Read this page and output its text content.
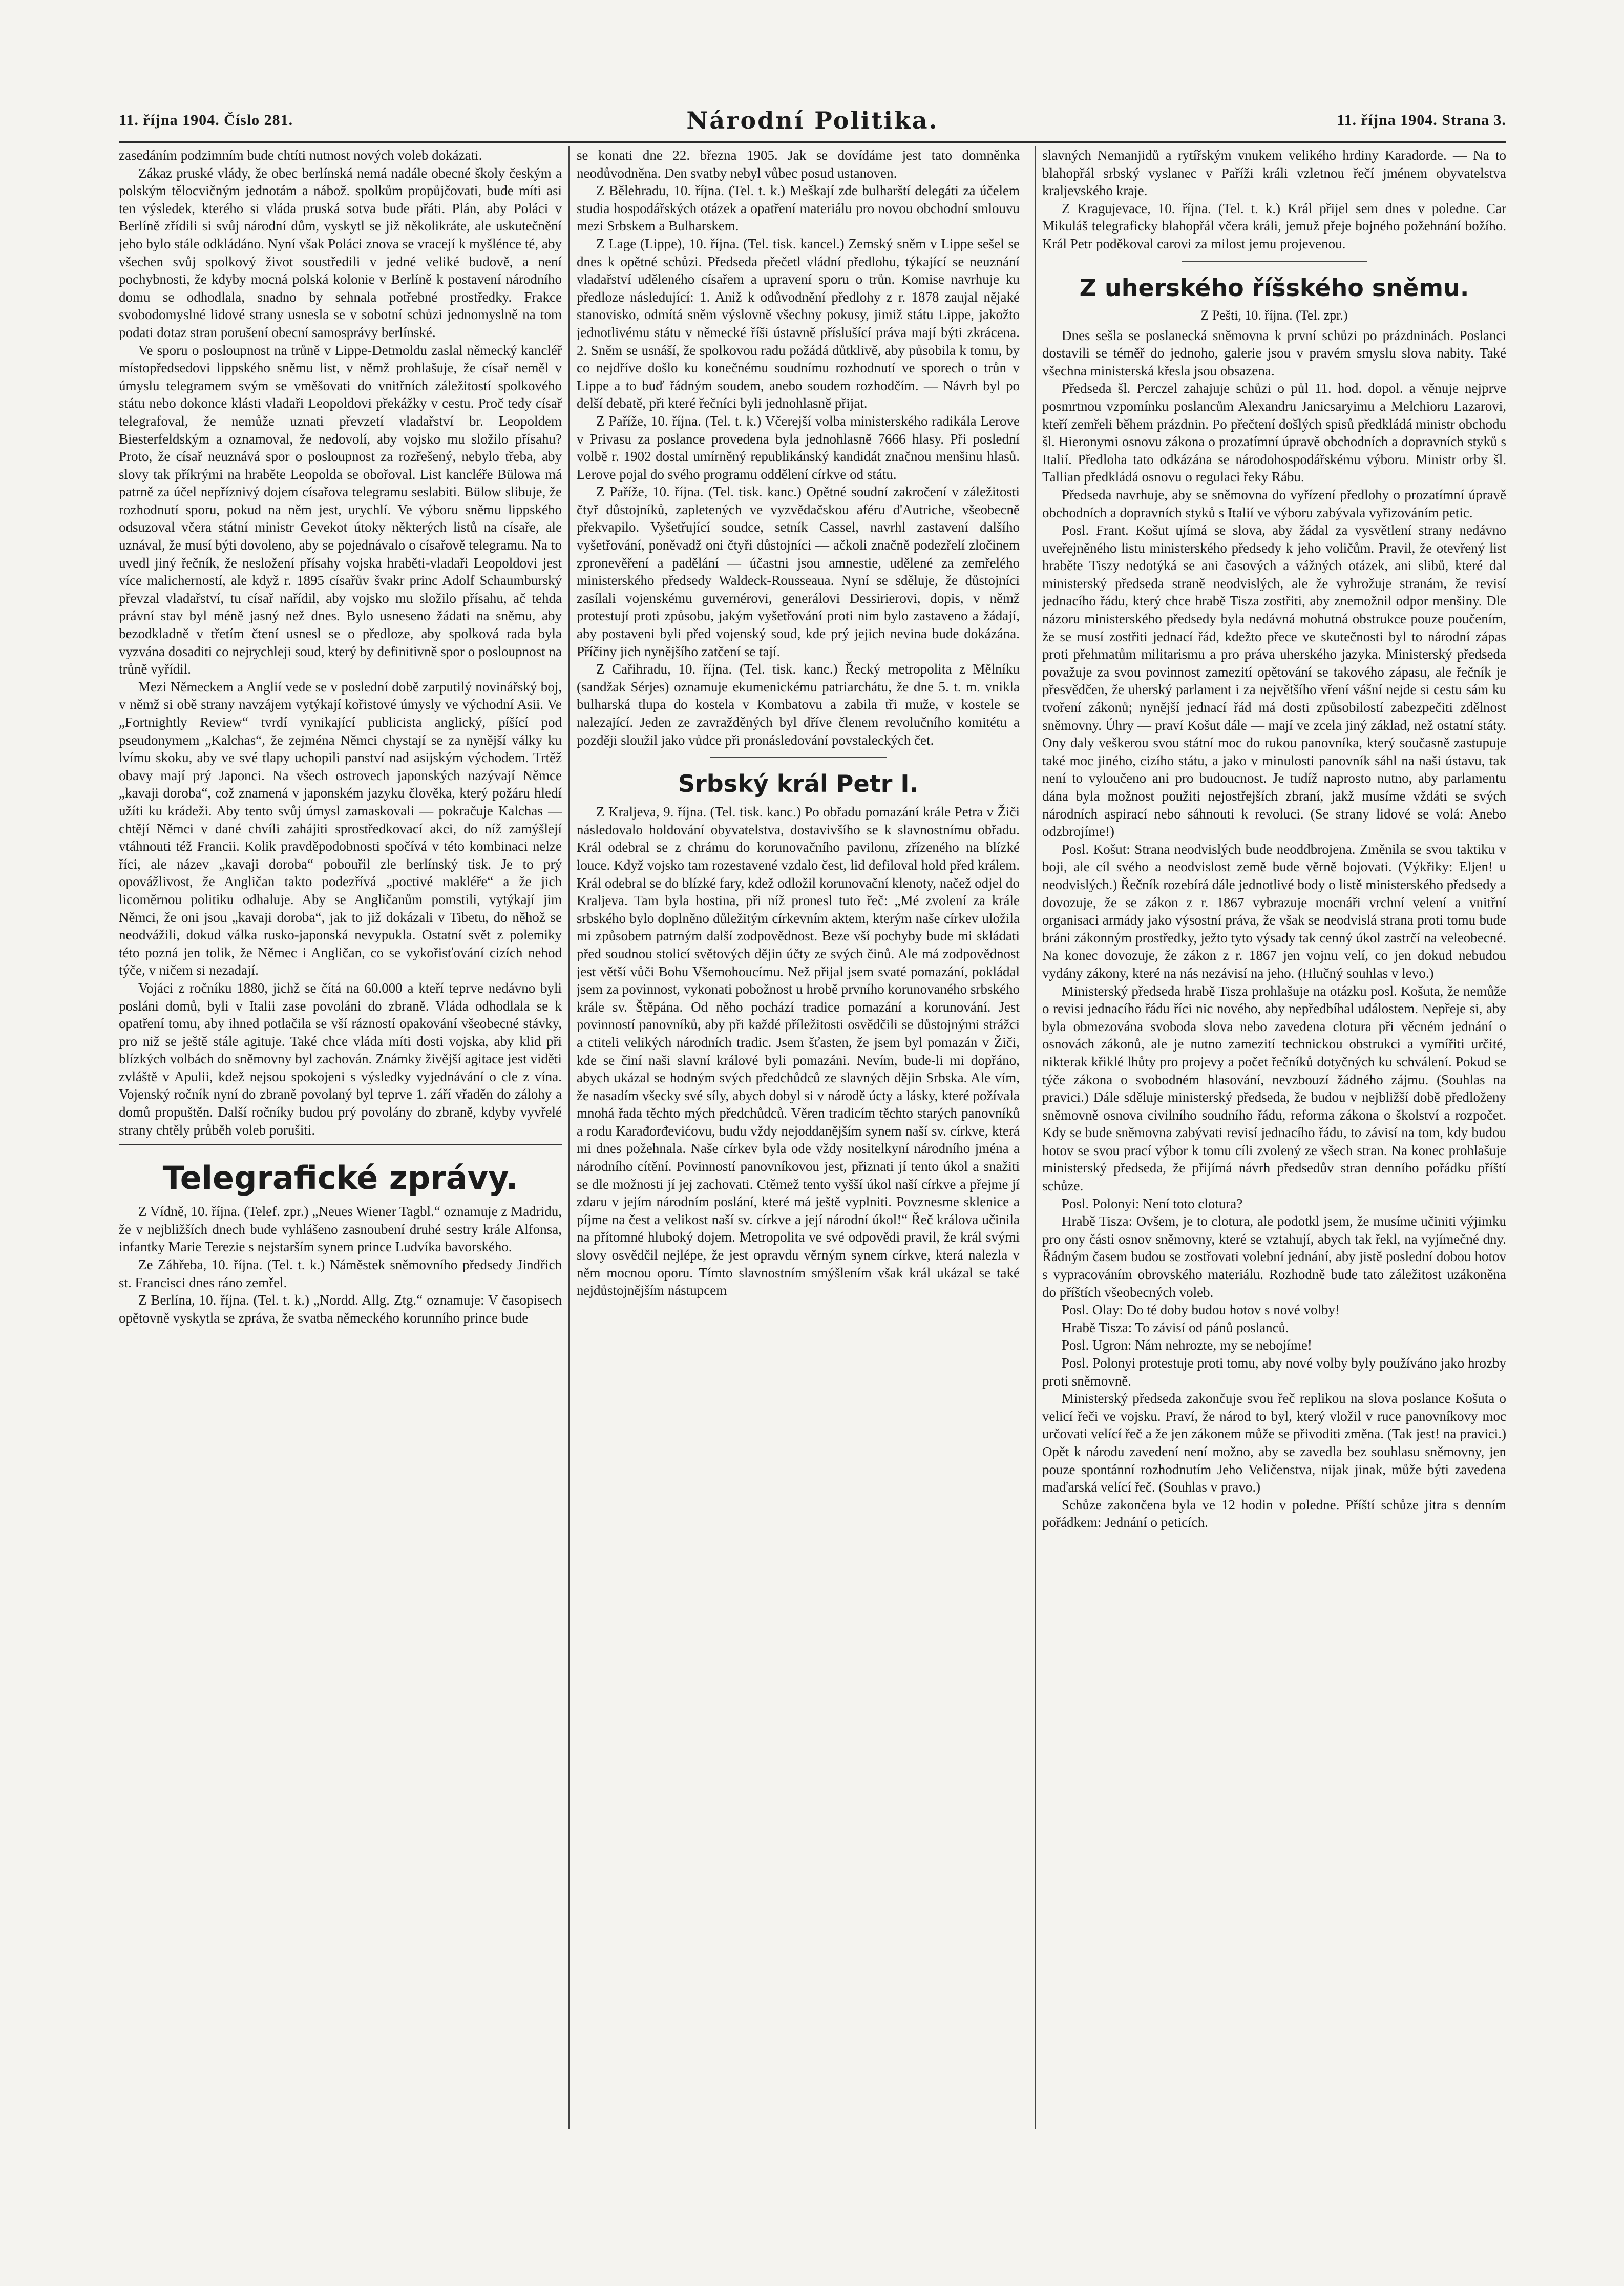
11. října 1904. Číslo 281.	Národní Politika.	11. října 1904. Strana 3.

zasedáním podzimním bude chtíti nutnost nových voleb dokázati.

Zákaz pruské vlády, že obec berlínská nemá nadále obecné školy českým a polským tělocvičným jednotám a nábož. spolkům propůjčovati, bude míti asi ten výsledek, kterého si vláda pruská sotva bude přáti. Plán, aby Poláci v Berlíně zřídili si svůj národní dům, vyskytl se již několikráte, ale uskutečnění jeho bylo stále odkládáno. Nyní však Poláci znova se vracejí k myšlénce té, aby všechen svůj spolkový život soustředili v jedné veliké budově, a není pochybnosti, že kdyby mocná polská kolonie v Berlíně k postavení národního domu se odhodlala, snadno by sehnala potřebné prostředky. Frakce svobodomyslné lidové strany usnesla se v sobotní schůzi jednomyslně na tom podati dotaz stran porušení obecní samosprávy berlínské.

Ve sporu o posloupnost na trůně v Lippe-Detmoldu zaslal německý kancléř místopředsedovi lippského sněmu list, v němž prohlašuje, že císař neměl v úmyslu telegramem svým se vměšovati do vnitřních záležitostí spolkového státu nebo dokonce klásti vladaři Leopoldovi překážky v cestu. Proč tedy císař telegrafoval, že nemůže uznati převzetí vladařství br. Leopoldem Biesterfeldským a oznamoval, že nedovolí, aby vojsko mu složilo přísahu? Proto, že císař neuznává spor o posloupnost za rozřešený, nebylo třeba, aby slovy tak příkrými na hraběte Leopolda se obořoval. List kancléře Bülowa má patrně za účel nepříznivý dojem císařova telegramu seslabiti. Bülow slibuje, že rozhodnutí sporu, pokud na něm jest, urychlí. Ve výboru sněmu lippského odsuzoval včera státní ministr Gevekot útoky některých listů na císaře, ale uznával, že musí býti dovoleno, aby se pojednávalo o císařově telegramu. Na to uvedl jiný řečník, že nesložení přísahy vojska hraběti-vladaři Leopoldovi jest více malicherností, ale když r. 1895 císařův švakr princ Adolf Schaumburský převzal vladařství, tu císař nařídil, aby vojsko mu složilo přísahu, ač tehda právní stav byl méně jasný než dnes. Bylo usneseno žádati na sněmu, aby bezodkladně v třetím čtení usnesl se o předloze, aby spolková rada byla vyzvána dosaditi co nejrychleji soud, který by definitivně spor o posloupnost na trůně vyřídil.

Mezi Německem a Anglií vede se v poslední době zarputilý novinářský boj, v němž si obě strany navzájem vytýkají kořistové úmysly ve východní Asii. Ve „Fortnightly Review“ tvrdí vynikající publicista anglický, píšící pod pseudonymem „Kalchas“, že zejména Němci chystají se za nynější války ku lvímu skoku, aby ve své tlapy uchopili panství nad asijským východem. Trtěž obavy mají prý Japonci. Na všech ostrovech japonských nazývají Němce „kavaji doroba“, což znamená v japonském jazyku člověka, který požáru hledí užíti ku krádeži. Aby tento svůj úmysl zamaskovali — pokračuje Kalchas — chtějí Němci v dané chvíli zahájiti sprostředkovací akci, do níž zamýšlejí vtáhnouti též Francii. Kolik pravděpodobnosti spočívá v této kombinaci nelze říci, ale název „kavaji doroba“ pobouřil zle berlínský tisk. Je to prý opovážlivost, že Angličan takto podezřívá „poctivé makléře“ a že jich licoměrnou politiku odhaluje. Aby se Angličanům pomstili, vytýkají jim Němci, že oni jsou „kavaji doroba“, jak to již dokázali v Tibetu, do něhož se neodvážili, dokud válka rusko-japonská nevypukla. Ostatní svět z polemiky této pozná jen tolik, že Němec i Angličan, co se vykořisťování cizích nehod týče, v ničem si nezadají.

Vojáci z ročníku 1880, jichž se čítá na 60.000 a kteří teprve nedávno byli posláni domů, byli v Italii zase povoláni do zbraně. Vláda odhodlala se k opatření tomu, aby ihned potlačila se vší rázností opakování všeobecné stávky, pro niž se ještě stále agituje. Také chce vláda míti dosti vojska, aby klid při blízkých volbách do sněmovny byl zachován. Známky živější agitace jest viděti zvláště v Apulii, kdež nejsou spokojeni s výsledky vyjednávání o cle z vína. Vojenský ročník nyní do zbraně povolaný byl teprve 1. září vřaděn do zálohy a domů propuštěn. Další ročníky budou prý povolány do zbraně, kdyby vyvřelé strany chtěly průběh voleb porušiti.

Telegrafické zprávy.

Z Vídně, 10. října. (Telef. zpr.) „Neues Wiener Tagbl.“ oznamuje z Madridu, že v nejbližších dnech bude vyhlášeno zasnoubení druhé sestry krále Alfonsa, infantky Marie Terezie s nejstarším synem prince Ludvíka bavorského.

Ze Záhřeba, 10. října. (Tel. t. k.) Náměstek sněmovního předsedy Jindřich st. Francisci dnes ráno zemřel.

Z Berlína, 10. října. (Tel. t. k.) „Nordd. Allg. Ztg.“ oznamuje: V časopisech opětovně vyskytla se zpráva, že svatba německého korunního prince bude

se konati dne 22. března 1905. Jak se dovídáme jest tato domněnka neodůvodněna. Den svatby nebyl vůbec posud ustanoven.

Z Bělehradu, 10. října. (Tel. t. k.) Meškají zde bulharští delegáti za účelem studia hospodářských otázek a opatření materiálu pro novou obchodní smlouvu mezi Srbskem a Bulharskem.

Z Lage (Lippe), 10. října. (Tel. tisk. kancel.) Zemský sněm v Lippe sešel se dnes k opětné schůzi. Předseda přečetl vládní předlohu, týkající se neuznání vladařství uděleného císařem a upravení sporu o trůn. Komise navrhuje ku předloze následující: 1. Aniž k odůvodnění předlohy z r. 1878 zaujal nějaké stanovisko, odmítá sněm výslovně všechny pokusy, jimiž státu Lippe, jakožto jednotlivému státu v německé říši ústavně příslušící práva mají býti zkrácena. 2. Sněm se usnáší, že spolkovou radu požádá důtklivě, aby působila k tomu, by co nejdříve došlo ku konečnému soudnímu rozhodnutí ve sporech o trůn v Lippe a to buď řádným soudem, anebo soudem rozhodčím. — Návrh byl po delší debatě, při které řečníci byli jednohlasně přijat.

Z Paříže, 10. října. (Tel. t. k.) Včerejší volba ministerského radikála Lerove v Privasu za poslance provedena byla jednohlasně 7666 hlasy. Při poslední volbě r. 1902 dostal umírněný republikánský kandidát značnou menšinu hlasů. Lerove pojal do svého programu oddělení církve od státu.

Z Paříže, 10. října. (Tel. tisk. kanc.) Opětné soudní zakročení v záležitosti čtyř důstojníků, zapletených ve vyzvědačskou aféru d'Autriche, všeobecně překvapilo. Vyšetřující soudce, setník Cassel, navrhl zastavení dalšího vyšetřování, poněvadž oni čtyři důstojníci — ačkoli značně podezřelí zločinem zpronevěření a padělání — účastni jsou amnestie, udělené za zemřelého ministerského předsedy Waldeck-Rousseaua. Nyní se sděluje, že důstojníci zasílali vojenskému guvernérovi, generálovi Dessirierovi, dopis, v němž protestují proti způsobu, jakým vyšetřování proti nim bylo zastaveno a žádají, aby postaveni byli před vojenský soud, kde prý jejich nevina bude dokázána. Příčiny jich nynějšího zatčení se tají.

Z Cařihradu, 10. října. (Tel. tisk. kanc.) Řecký metropolita z Mělníku (sandžak Sérjes) oznamuje ekumenickému patriarchátu, že dne 5. t. m. vnikla bulharská tlupa do kostela v Kombatovu a zabila tři muže, v kostele se nalezající. Jeden ze zavražděných byl dříve členem revolučního komitétu a později sloužil jako vůdce při pronásledování povstaleckých čet.

Srbský král Petr I.

Z Kraljeva, 9. října. (Tel. tisk. kanc.) Po obřadu pomazání krále Petra v Žiči následovalo holdování obyvatelstva, dostavivšího se k slavnostnímu obřadu. Král odebral se z chrámu do korunovačního pavilonu, zřízeného na blízké louce. Když vojsko tam rozestavené vzdalo čest, lid defiloval hold před králem. Král odebral se do blízké fary, kdež odložil korunovační klenoty, načež odjel do Kraljeva. Tam byla hostina, při níž pronesl tuto řeč: „Mé zvolení za krále srbského bylo doplněno důležitým církevním aktem, kterým naše církev uložila mi způsobem patrným další zodpovědnost. Beze vší pochyby bude mi skládati před soudnou stolicí světových dějin účty ze svých činů. Ale má zodpovědnost jest větší vůči Bohu Všemohoucímu. Než přijal jsem svaté pomazání, pokládal jsem za povinnost, vykonati pobožnost u hrobě prvního korunovaného srbského krále sv. Štěpána. Od něho pochází tradice pomazání a korunování. Jest povinností panovníků, aby při každé příležitosti osvědčili se důstojnými strážci a ctiteli velikých národních tradic. Jsem šťasten, že jsem byl pomazán v Žiči, kde se činí naši slavní králové byli pomazáni. Nevím, bude-li mi dopřáno, abych ukázal se hodným svých předchůdců ze slavných dějin Srbska. Ale vím, že nasadím všecky své síly, abych dobyl si v národě úcty a lásky, které požívala mnohá řada těchto mých předchůdců. Věren tradicím těchto starých panovníků a rodu Karađorđevićovu, budu vždy nejoddanějším synem naší sv. církve, která mi dnes požehnala. Naše církev byla ode vždy nositelkyní národního jména a národního cítění. Povinností panovníkovou jest, přiznati jí tento úkol a snažiti se dle možnosti jí jej zachovati. Ctěmež tento vyšší úkol naší církve a přejme jí zdaru v jejím národním poslání, které má ještě vyplniti. Povznesme sklenice a píjme na čest a velikost naší sv. církve a její národní úkol!“ Řeč králova učinila na přítomné hluboký dojem. Metropolita ve své odpovědi pravil, že král svými slovy osvědčil nejlépe, že jest opravdu věrným synem církve, která nalezla v něm mocnou oporu. Tímto slavnostním smýšlením však král ukázal se také nejdůstojnějším nástupcem

slavných Nemanjidů a rytířským vnukem velikého hrdiny Karađorđe. — Na to blahopřál srbský vyslanec v Paříži králi vzletnou řečí jménem obyvatelstva kraljevského kraje.

Z Kragujevace, 10. října. (Tel. t. k.) Král přijel sem dnes v poledne. Car Mikuláš telegraficky blahopřál včera králi, jemuž přeje bojného požehnání božího. Král Petr poděkoval carovi za milost jemu projevenou.

Z uherského říšského sněmu.
Z Pešti, 10. října. (Tel. zpr.)

Dnes sešla se poslanecká sněmovna k první schůzi po prázdninách. Poslanci dostavili se téměř do jednoho, galerie jsou v pravém smyslu slova nabity. Také všechna ministerská křesla jsou obsazena.

Předseda šl. Perczel zahajuje schůzi o půl 11. hod. dopol. a věnuje nejprve posmrtnou vzpomínku poslancům Alexandru Janicsaryimu a Melchioru Lazarovi, kteří zemřeli během prázdnin. Po přečtení došlých spisů předkládá ministr obchodu šl. Hieronymi osnovu zákona o prozatímní úpravě obchodních a dopravních styků s Italií. Předloha tato odkázána se národohospodářskému výboru. Ministr orby šl. Tallian předkládá osnovu o regulaci řeky Rábu.

Předseda navrhuje, aby se sněmovna do vyřízení předlohy o prozatímní úpravě obchodních a dopravních styků s Italií ve výboru zabývala vyřizováním petic.

Posl. Frant. Košut ujímá se slova, aby žádal za vysvětlení strany nedávno uveřejněného listu ministerského předsedy k jeho voličům. Pravil, že otevřený list hraběte Tiszy nedotýká se ani časových a vážných otázek, ani slibů, které dal ministerský předseda straně neodvislých, ale že vyhrožuje stranám, že revisí jednacího řádu, který chce hrabě Tisza zostřiti, aby znemožnil odpor menšiny. Dle názoru ministerského předsedy byla nedávná mohutná obstrukce pouze poučením, že se musí zostřiti jednací řád, kdežto přece ve skutečnosti byl to národní zápas proti přehmatům militarismu a pro práva uherského jazyka. Ministerský předseda považuje za svou povinnost zamezití opětování se takového zápasu, ale řečník je přesvědčen, že uherský parlament i za největšího vření vášní nejde si cestu sám ku tvoření zákonů; nynější jednací řád má dosti způsobilostí zabezpečiti zdělnost sněmovny. Úhry — praví Košut dále — mají ve zcela jiný základ, než ostatní státy. Ony daly veškerou svou státní moc do rukou panovníka, který současně zastupuje také moc jiného, cizího státu, a jako v minulosti panovník sáhl na naši ústavu, tak není to vyloučeno ani pro budoucnost. Je tudíž naprosto nutno, aby parlamentu dána byla možnost použiti nejostřejších zbraní, jakž musíme vždáti se svých národních aspirací nebo sáhnouti k revoluci. (Se strany lidové se volá: Anebo odzbrojíme!)

Posl. Košut: Strana neodvislých bude neoddbrojena. Změnila se svou taktiku v boji, ale cíl svého a neodvislost země bude věrně bojovati. (Výkřiky: Eljen! u neodvislých.) Řečník rozebírá dále jednotlivé body o listě ministerského předsedy a dovozuje, že se zákon z r. 1867 vybrazuje mocnáři vrchní velení a vnitřní organisaci armády jako výsostní práva, že však se neodvislá strana proti tomu bude bráni zákonným prostředky, ježto tyto výsady tak cenný úkol zastrčí na veleobecné. Na konec dovozuje, že zákon z r. 1867 jen vojnu velí, co jen dokud nebudou vydány zákony, které na nás nezávisí na jeho. (Hlučný souhlas v levo.)

Ministerský předseda hrabě Tisza prohlašuje na otázku posl. Košuta, že nemůže o revisi jednacího řádu říci nic nového, aby nepředbíhal událostem. Nepřeje si, aby byla obmezována svoboda slova nebo zavedena clotura při věcném jednání o osnovách zákonů, ale je nutno zamezití technickou obstrukci a vymířiti určité, nikterak křiklé lhůty pro projevy a počet řečníků dotyčných ku schválení. Pokud se týče zákona o svobodném hlasování, nevzbouzí žádného zájmu. (Souhlas na pravici.) Dále sděluje ministerský předseda, že budou v nejbližší době předloženy sněmovně osnova civilního soudního řádu, reforma zákona o školství a rozpočet. Kdy se bude sněmovna zabývati revisí jednacího řádu, to závisí na tom, kdy budou hotov se svou prací výbor k tomu cíli zvolený ze všech stran. Na konec prohlašuje ministerský předseda, že přijímá návrh předsedův stran denního pořádku příští schůze.

Posl. Polonyi: Není toto clotura?

Hrabě Tisza: Ovšem, je to clotura, ale podotkl jsem, že musíme učiniti výjimku pro ony části osnov sněmovny, které se vztahují, abych tak řekl, na vyjímečné dny. Řádným časem budou se zostřovati volební jednání, aby jistě poslední dobou hotov s vypracováním obrovského materiálu. Rozhodně bude tato záležitost uzákoněna do příštích všeobecných voleb.

Posl. Olay: Do té doby budou hotov s nové volby!

Hrabě Tisza: To závisí od pánů poslanců.

Posl. Ugron: Nám nehrozte, my se nebojíme!

Posl. Polonyi protestuje proti tomu, aby nové volby byly používáno jako hrozby proti sněmovně.

Ministerský předseda zakončuje svou řeč replikou na slova poslance Košuta o velicí řeči ve vojsku. Praví, že národ to byl, který vložil v ruce panovníkovy moc určovati velící řeč a že jen zákonem může se přivoditi změna. (Tak jest! na pravici.) Opět k národu zavedení není možno, aby se zavedla bez souhlasu sněmovny, jen pouze spontánní rozhodnutím Jeho Veličenstva, nijak jinak, může býti zavedena maďarská velící řeč. (Souhlas v pravo.)

Schůze zakončena byla ve 12 hodin v poledne. Příští schůze jitra s denním pořádkem: Jednání o peticích.
